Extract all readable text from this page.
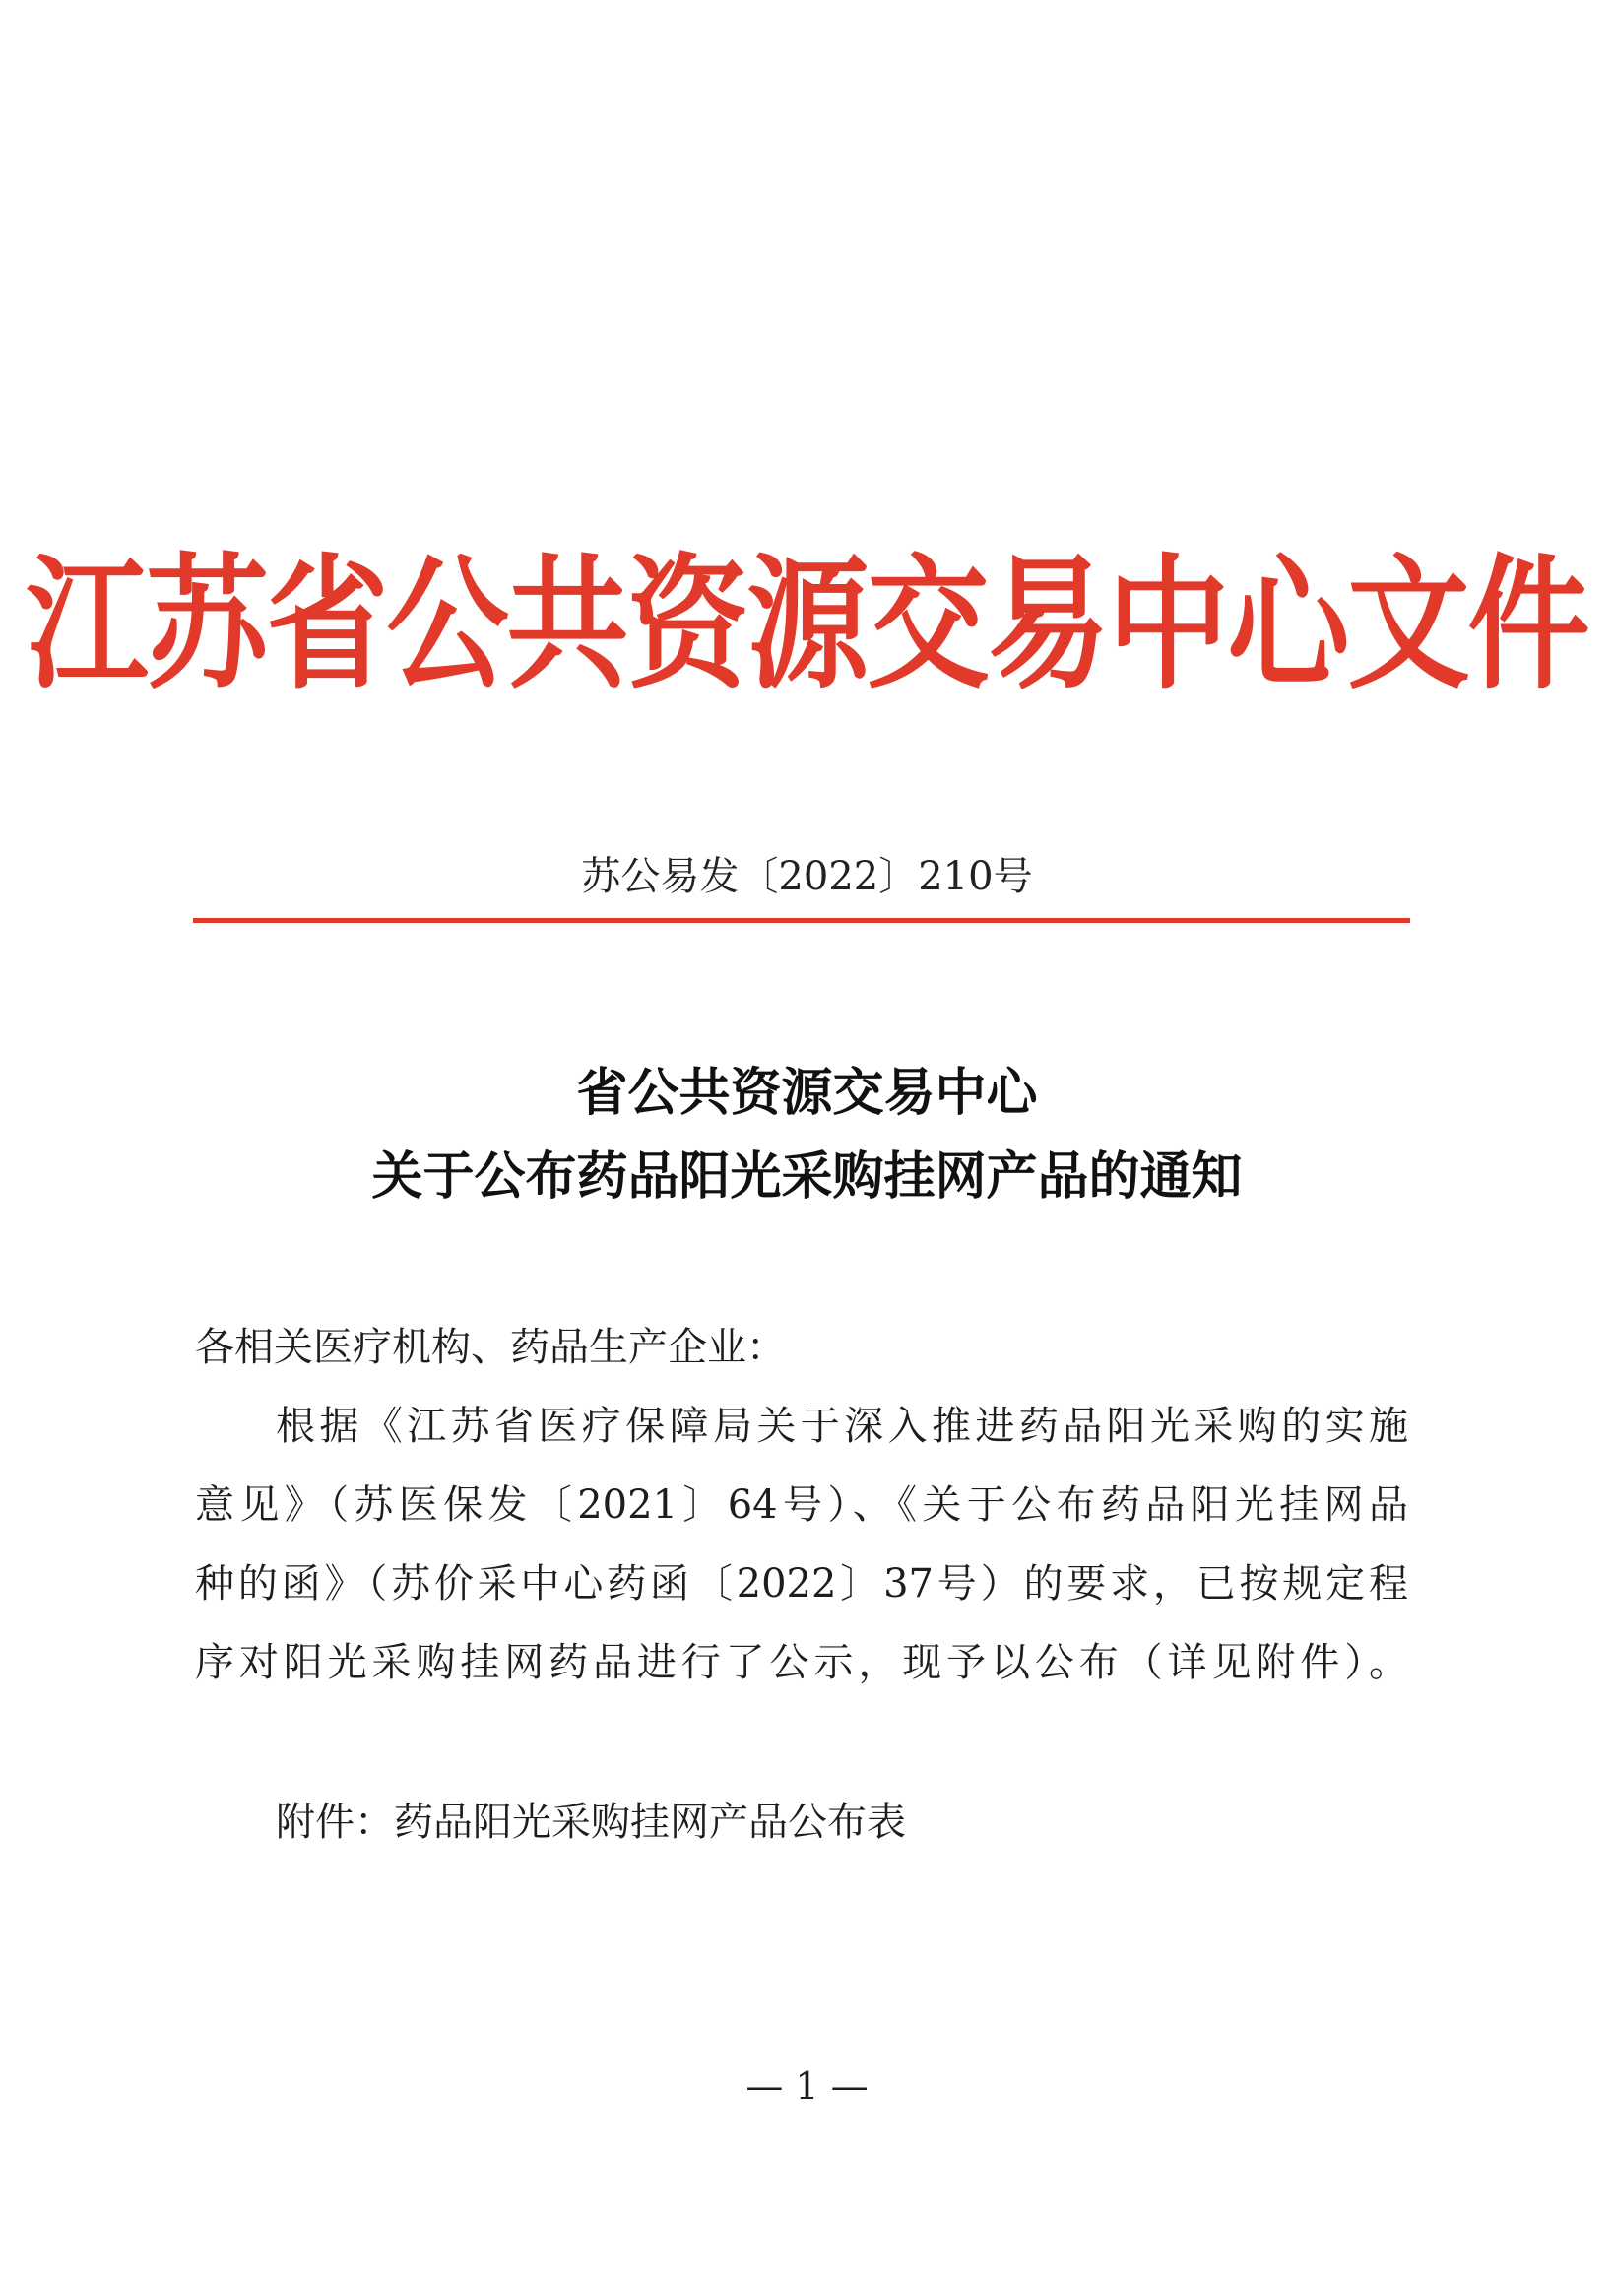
江苏省公共资源交易中心文件
苏公易发〔2022〕210号
省公共资源交易中心
关于公布药品阳光采购挂网产品的通知
各相关医疗机构、药品生产企业：
根据《江苏省医疗保障局关于深入推进药品阳光采购的实施
意见》（苏医保发〔2021〕64号）、《关于公布药品阳光挂网品
种的函》（苏价采中心药函〔2022〕37号）的要求，已按规定程
序对阳光采购挂网药品进行了公示，现予以公布（详见附件）。
附件：药品阳光采购挂网产品公布表
— 1 —
